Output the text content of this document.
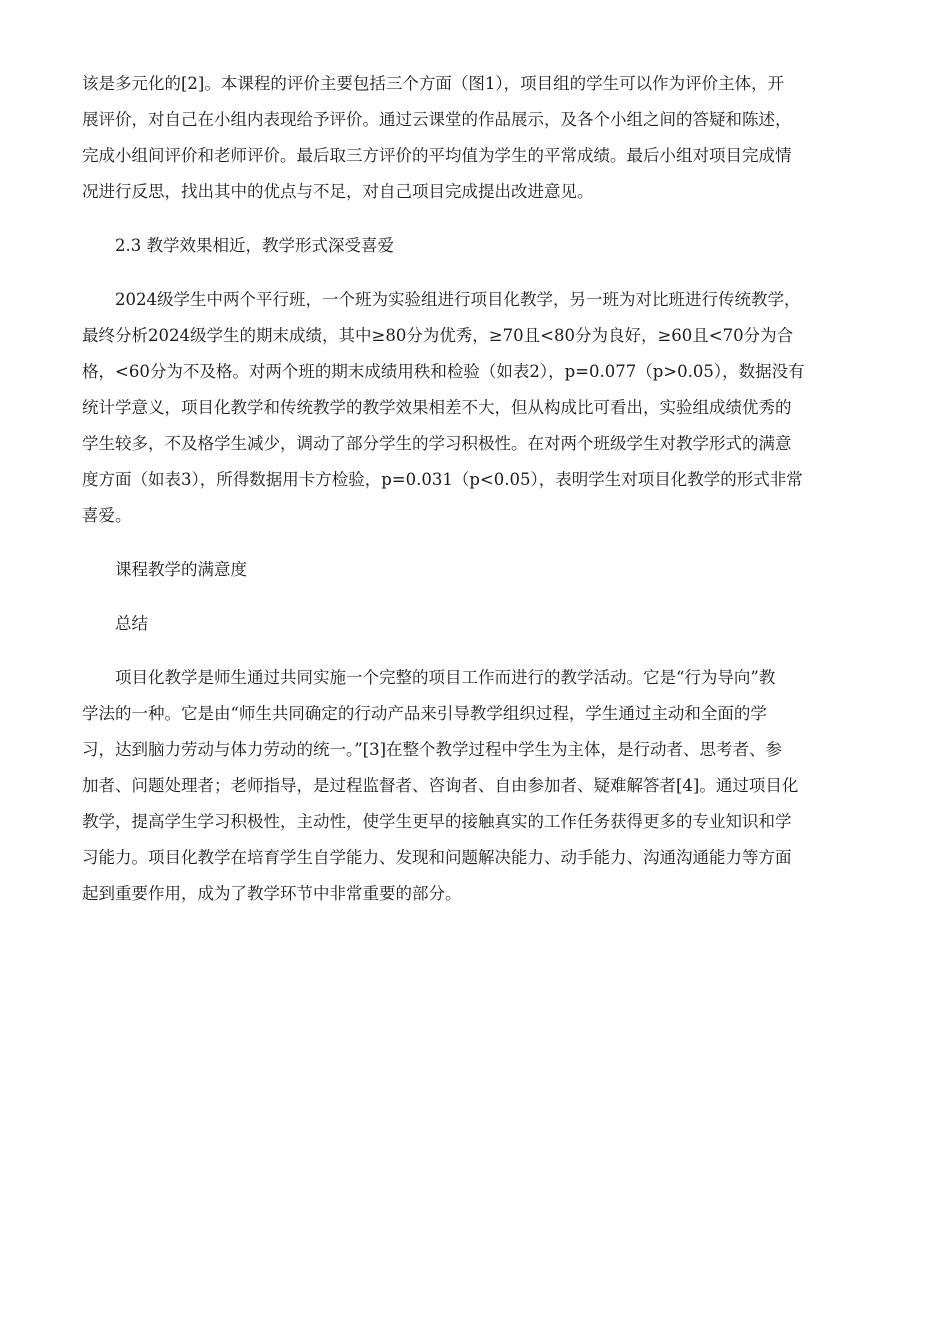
该是多元化的[2]。本课程的评价主要包括三个方面（图1），项目组的学生可以作为评价主体，开
展评价，对自己在小组内表现给予评价。通过云课堂的作品展示，及各个小组之间的答疑和陈述，
完成小组间评价和老师评价。最后取三方评价的平均值为学生的平常成绩。最后小组对项目完成情
况进行反思，找出其中的优点与不足，对自己项目完成提出改进意见。
2.3 教学效果相近，教学形式深受喜爱
2024级学生中两个平行班，一个班为实验组进行项目化教学，另一班为对比班进行传统教学，
最终分析2024级学生的期末成绩，其中≥80分为优秀，≥70且<80分为良好，≥60且<70分为合
格，<60分为不及格。对两个班的期末成绩用秩和检验（如表2），p=0.077（p>0.05），数据没有
统计学意义，项目化教学和传统教学的教学效果相差不大，但从构成比可看出，实验组成绩优秀的
学生较多，不及格学生减少，调动了部分学生的学习积极性。在对两个班级学生对教学形式的满意
度方面（如表3），所得数据用卡方检验，p=0.031（p<0.05），表明学生对项目化教学的形式非常
喜爱。
课程教学的满意度
总结
项目化教学是师生通过共同实施一个完整的项目工作而进行的教学活动。它是“行为导向”教
学法的一种。它是由“师生共同确定的行动产品来引导教学组织过程，学生通过主动和全面的学
习，达到脑力劳动与体力劳动的统一。”[3]在整个教学过程中学生为主体，是行动者、思考者、参
加者、问题处理者；老师指导，是过程监督者、咨询者、自由参加者、疑难解答者[4]。通过项目化
教学，提高学生学习积极性，主动性，使学生更早的接触真实的工作任务获得更多的专业知识和学
习能力。项目化教学在培育学生自学能力、发现和问题解决能力、动手能力、沟通沟通能力等方面
起到重要作用，成为了教学环节中非常重要的部分。
